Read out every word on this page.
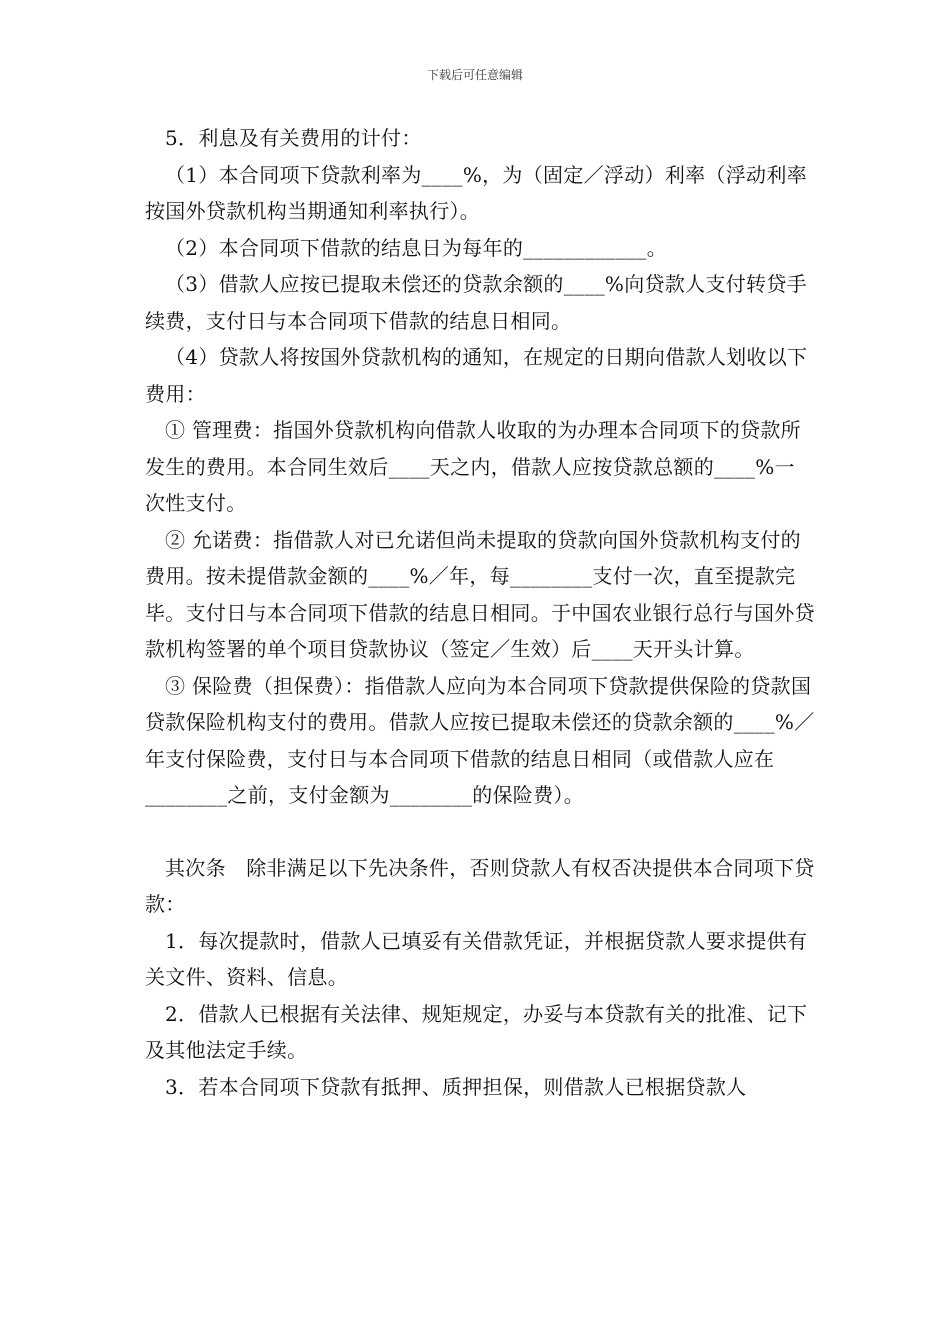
下载后可任意编辑

5．利息及有关费用的计付：

（1）本合同项下贷款利率为____%，为（固定／浮动）利率（浮动利率按国外贷款机构当期通知利率执行）。

（2）本合同项下借款的结息日为每年的____________。

（3）借款人应按已提取未偿还的贷款余额的____%向贷款人支付转贷手续费，支付日与本合同项下借款的结息日相同。

（4）贷款人将按国外贷款机构的通知，在规定的日期向借款人划收以下费用：

① 管理费：指国外贷款机构向借款人收取的为办理本合同项下的贷款所发生的费用。本合同生效后____天之内，借款人应按贷款总额的____%一次性支付。

② 允诺费：指借款人对已允诺但尚未提取的贷款向国外贷款机构支付的费用。按未提借款金额的____%／年，每________支付一次，直至提款完毕。支付日与本合同项下借款的结息日相同。于中国农业银行总行与国外贷款机构签署的单个项目贷款协议（签定／生效）后____天开头计算。

③ 保险费（担保费）：指借款人应向为本合同项下贷款提供保险的贷款国贷款保险机构支付的费用。借款人应按已提取未偿还的贷款余额的____%／年支付保险费，支付日与本合同项下借款的结息日相同（或借款人应在________之前，支付金额为________的保险费）。

其次条　除非满足以下先决条件，否则贷款人有权否决提供本合同项下贷款：

1．每次提款时，借款人已填妥有关借款凭证，并根据贷款人要求提供有关文件、资料、信息。

2．借款人已根据有关法律、规矩规定，办妥与本贷款有关的批准、记下及其他法定手续。

3．若本合同项下贷款有抵押、质押担保，则借款人已根据贷款人
